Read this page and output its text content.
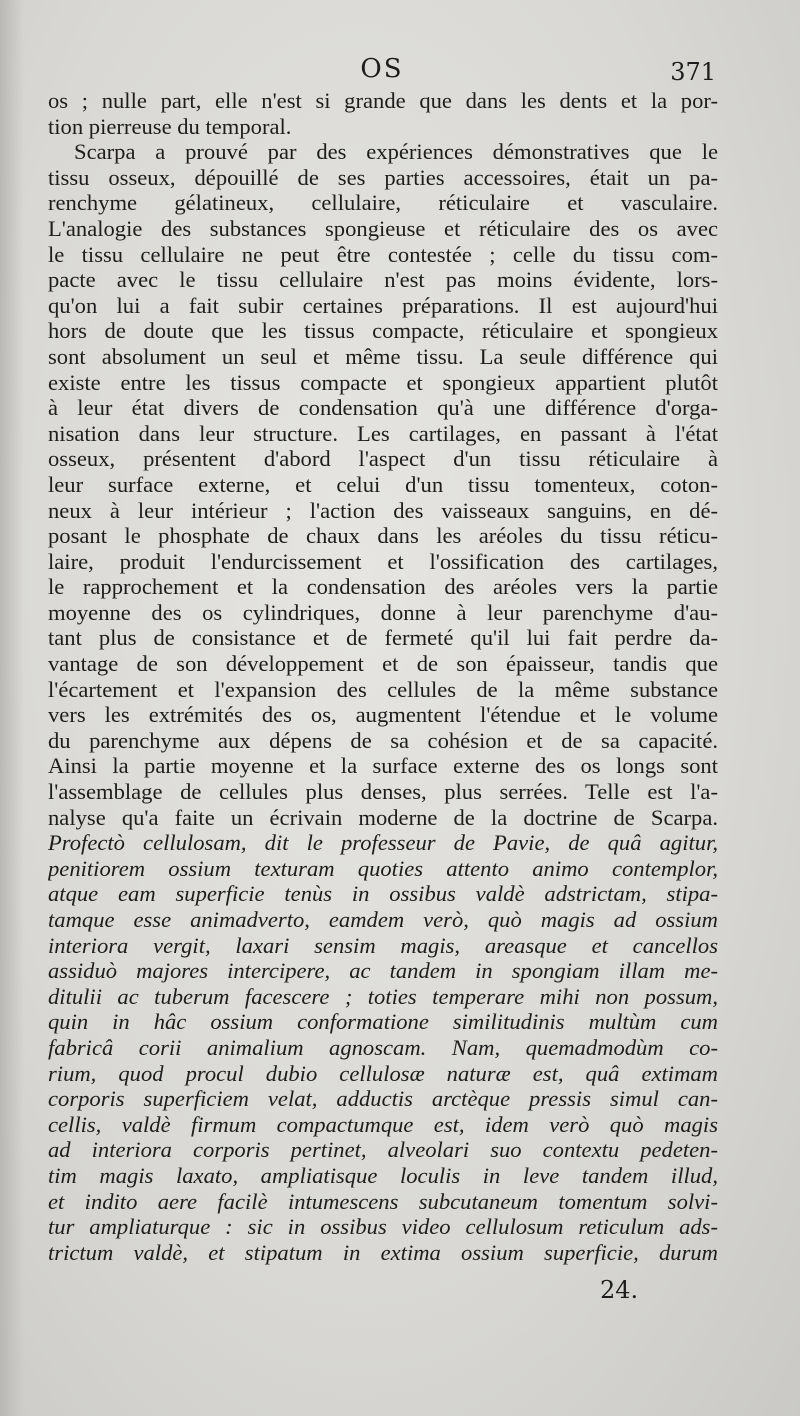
OS	371
os ; nulle part, elle n'est si grande que dans les dents et la por-
tion pierreuse du temporal.
Scarpa a prouvé par des expériences démonstratives que le
tissu osseux, dépouillé de ses parties accessoires, était un pa-
renchyme gélatineux, cellulaire, réticulaire et vasculaire.
L'analogie des substances spongieuse et réticulaire des os avec
le tissu cellulaire ne peut être contestée ; celle du tissu com-
pacte avec le tissu cellulaire n'est pas moins évidente, lors-
qu'on lui a fait subir certaines préparations. Il est aujourd'hui
hors de doute que les tissus compacte, réticulaire et spongieux
sont absolument un seul et même tissu. La seule différence qui
existe entre les tissus compacte et spongieux appartient plutôt
à leur état divers de condensation qu'à une différence d'orga-
nisation dans leur structure. Les cartilages, en passant à l'état
osseux, présentent d'abord l'aspect d'un tissu réticulaire à
leur surface externe, et celui d'un tissu tomenteux, coton-
neux à leur intérieur ; l'action des vaisseaux sanguins, en dé-
posant le phosphate de chaux dans les aréoles du tissu réticu-
laire, produit l'endurcissement et l'ossification des cartilages,
le rapprochement et la condensation des aréoles vers la partie
moyenne des os cylindriques, donne à leur parenchyme d'au-
tant plus de consistance et de fermeté qu'il lui fait perdre da-
vantage de son développement et de son épaisseur, tandis que
l'écartement et l'expansion des cellules de la même substance
vers les extrémités des os, augmentent l'étendue et le volume
du parenchyme aux dépens de sa cohésion et de sa capacité.
Ainsi la partie moyenne et la surface externe des os longs sont
l'assemblage de cellules plus denses, plus serrées. Telle est l'a-
nalyse qu'a faite un écrivain moderne de la doctrine de Scarpa.
Profectò cellulosam, dit le professeur de Pavie, de quâ agitur,
penitiorem ossium texturam quoties attento animo contemplor,
atque eam superficie tenùs in ossibus valdè adstrictam, stipa-
tamque esse animadverto, eamdem verò, quò magis ad ossium
interiora vergit, laxari sensim magis, areasque et cancellos
assiduò majores intercipere, ac tandem in spongiam illam me-
ditulii ac tuberum facescere ; toties temperare mihi non possum,
quin in hâc ossium conformatione similitudinis multùm cum
fabricâ corii animalium agnoscam. Nam, quemadmodùm co-
rium, quod procul dubio cellulosæ naturæ est, quâ extimam
corporis superficiem velat, adductis arctèque pressis simul can-
cellis, valdè firmum compactumque est, idem verò quò magis
ad interiora corporis pertinet, alveolari suo contextu pedeten-
tim magis laxato, ampliatisque loculis in leve tandem illud,
et indito aere facilè intumescens subcutaneum tomentum solvi-
tur ampliaturque : sic in ossibus video cellulosum reticulum ads-
trictum valdè, et stipatum in extima ossium superficie, durum
24.
